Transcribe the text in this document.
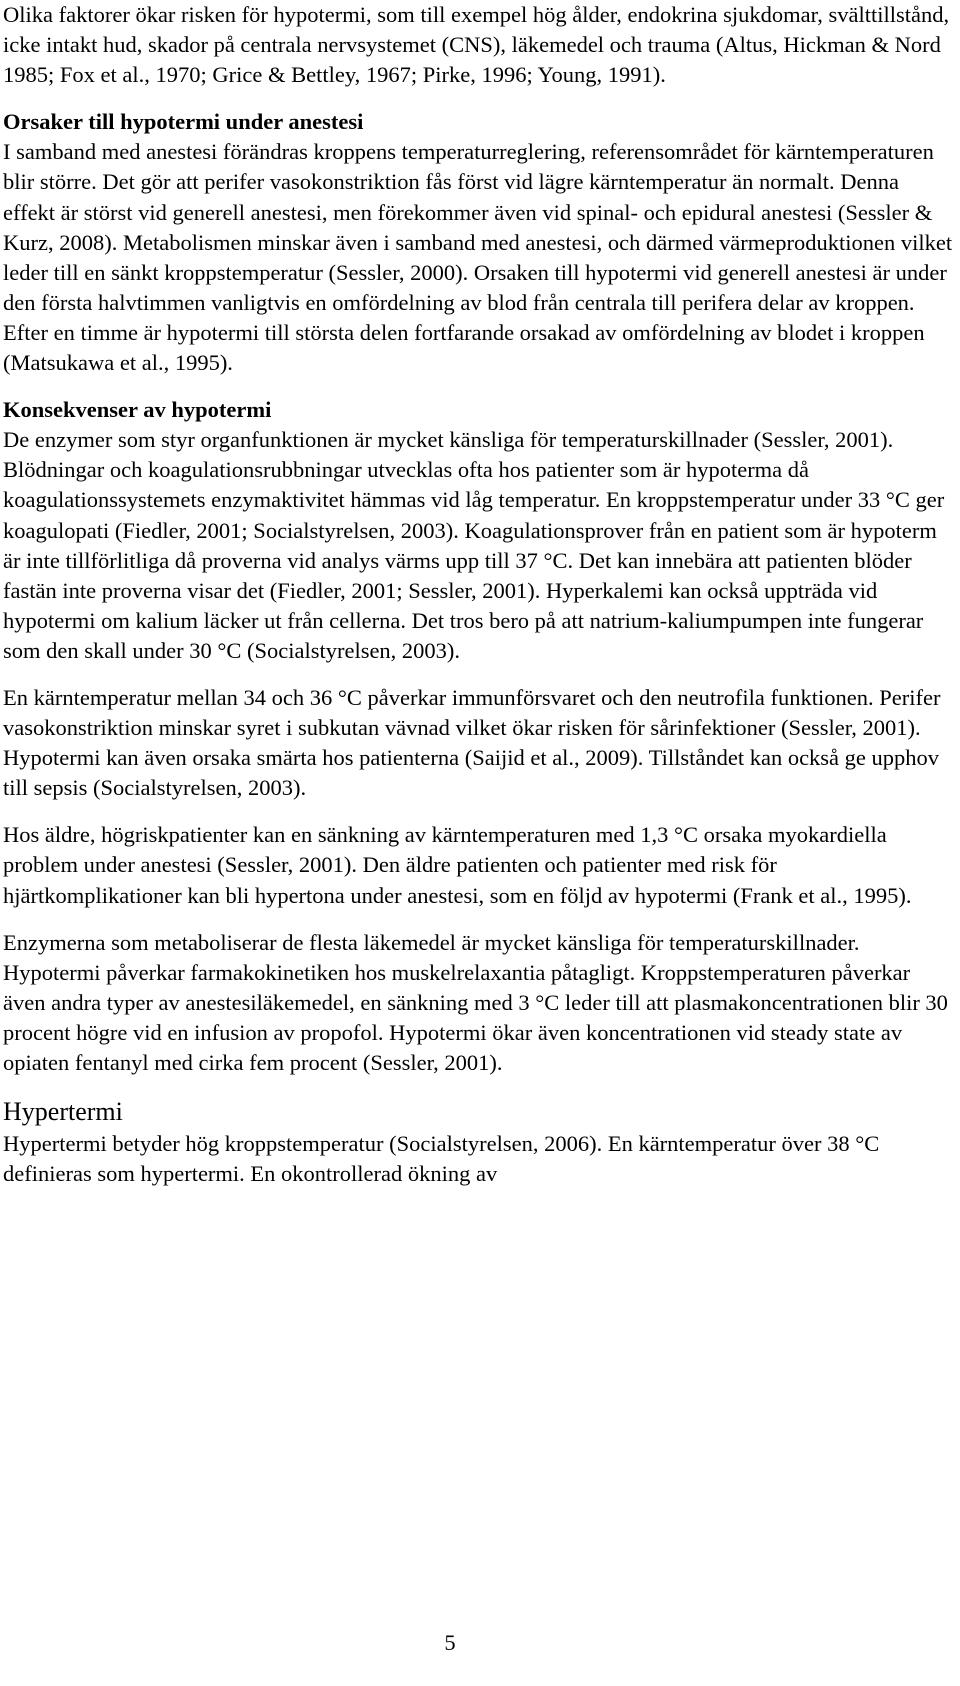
Olika faktorer ökar risken för hypotermi, som till exempel hög ålder, endokrina sjukdomar, svälttillstånd, icke intakt hud, skador på centrala nervsystemet (CNS), läkemedel och trauma (Altus, Hickman & Nord 1985; Fox et al., 1970; Grice & Bettley, 1967; Pirke, 1996; Young, 1991).

Orsaker till hypotermi under anestesi

I samband med anestesi förändras kroppens temperaturreglering, referensområdet för kärntemperaturen blir större. Det gör att perifer vasokonstriktion fås först vid lägre kärntemperatur än normalt. Denna effekt är störst vid generell anestesi, men förekommer även vid spinal- och epidural anestesi (Sessler & Kurz, 2008). Metabolismen minskar även i samband med anestesi, och därmed värmeproduktionen vilket leder till en sänkt kroppstemperatur (Sessler, 2000). Orsaken till hypotermi vid generell anestesi är under den första halvtimmen vanligtvis en omfördelning av blod från centrala till perifera delar av kroppen. Efter en timme är hypotermi till största delen fortfarande orsakad av omfördelning av blodet i kroppen (Matsukawa et al., 1995).

Konsekvenser av hypotermi

De enzymer som styr organfunktionen är mycket känsliga för temperaturskillnader (Sessler, 2001). Blödningar och koagulationsrubbningar utvecklas ofta hos patienter som är hypoterma då koagulationssystemets enzymaktivitet hämmas vid låg temperatur. En kroppstemperatur under 33 °C ger koagulopati (Fiedler, 2001; Socialstyrelsen, 2003). Koagulationsprover från en patient som är hypoterm är inte tillförlitliga då proverna vid analys värms upp till 37 °C. Det kan innebära att patienten blöder fastän inte proverna visar det (Fiedler, 2001; Sessler, 2001). Hyperkalemi kan också uppträda vid hypotermi om kalium läcker ut från cellerna. Det tros bero på att natrium-kaliumpumpen inte fungerar som den skall under 30 °C (Socialstyrelsen, 2003).

En kärntemperatur mellan 34 och 36 °C påverkar immunförsvaret och den neutrofila funktionen. Perifer vasokonstriktion minskar syret i subkutan vävnad vilket ökar risken för sårinfektioner (Sessler, 2001). Hypotermi kan även orsaka smärta hos patienterna (Saijid et al., 2009). Tillståndet kan också ge upphov till sepsis (Socialstyrelsen, 2003).

Hos äldre, högriskpatienter kan en sänkning av kärntemperaturen med 1,3 °C orsaka myokardiella problem under anestesi (Sessler, 2001). Den äldre patienten och patienter med risk för hjärtkomplikationer kan bli hypertona under anestesi, som en följd av hypotermi (Frank et al., 1995).

Enzymerna som metaboliserar de flesta läkemedel är mycket känsliga för temperaturskillnader. Hypotermi påverkar farmakokinetiken hos muskelrelaxantia påtagligt. Kroppstemperaturen påverkar även andra typer av anestesiläkemedel, en sänkning med 3 °C leder till att plasmakoncentrationen blir 30 procent högre vid en infusion av propofol. Hypotermi ökar även koncentrationen vid steady state av opiaten fentanyl med cirka fem procent (Sessler, 2001).

Hypertermi

Hypertermi betyder hög kroppstemperatur (Socialstyrelsen, 2006). En kärntemperatur över 38 °C definieras som hypertermi. En okontrollerad ökning av

5
